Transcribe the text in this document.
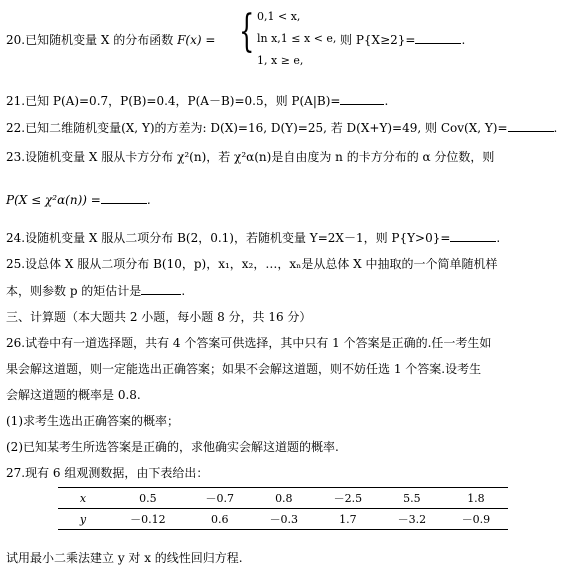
20.已知随机变量 X 的分布函数 F(x) = { 0,1 < x,
ln x,1 ≤ x < e,
1, x ≥ e,
则 P{X≥2}=	.
21.已知 P(A)=0.7，P(B)=0.4，P(A－B)=0.5，则 P(A|B)=	.
22.已知二维随机变量(X, Y)的方差为: D(X)=16, D(Y)=25, 若 D(X+Y)=49, 则 Cov(X, Y)=	.
23.设随机变量 X 服从卡方分布 χ²(n)，若 χ²α(n)是自由度为 n 的卡方分布的 α 分位数，则
P(X ≤ χ²α(n)) =	.
24.设随机变量 X 服从二项分布 B(2，0.1)，若随机变量 Y=2X－1，则 P{Y>0}=	.
25.设总体 X 服从二项分布 B(10，p)，x₁，x₂，…，xₙ是从总体 X 中抽取的一个简单随机样
本，则参数 p 的矩估计是	.
三、计算题（本大题共 2 小题，每小题 8 分，共 16 分）
26.试卷中有一道选择题，共有 4 个答案可供选择，其中只有 1 个答案是正确的.任一考生如
果会解这道题，则一定能选出正确答案；如果不会解这道题，则不妨任选 1 个答案.设考生
会解这道题的概率是 0.8.
(1)求考生选出正确答案的概率；
(2)已知某考生所选答案是正确的，求他确实会解这道题的概率.
27.现有 6 组观测数据，由下表给出：
x	0.5	－0.7	0.8	－2.5	5.5	1.8
y	－0.12	0.6	－0.3	1.7	－3.2	－0.9
试用最小二乘法建立 y 对 x 的线性回归方程.
